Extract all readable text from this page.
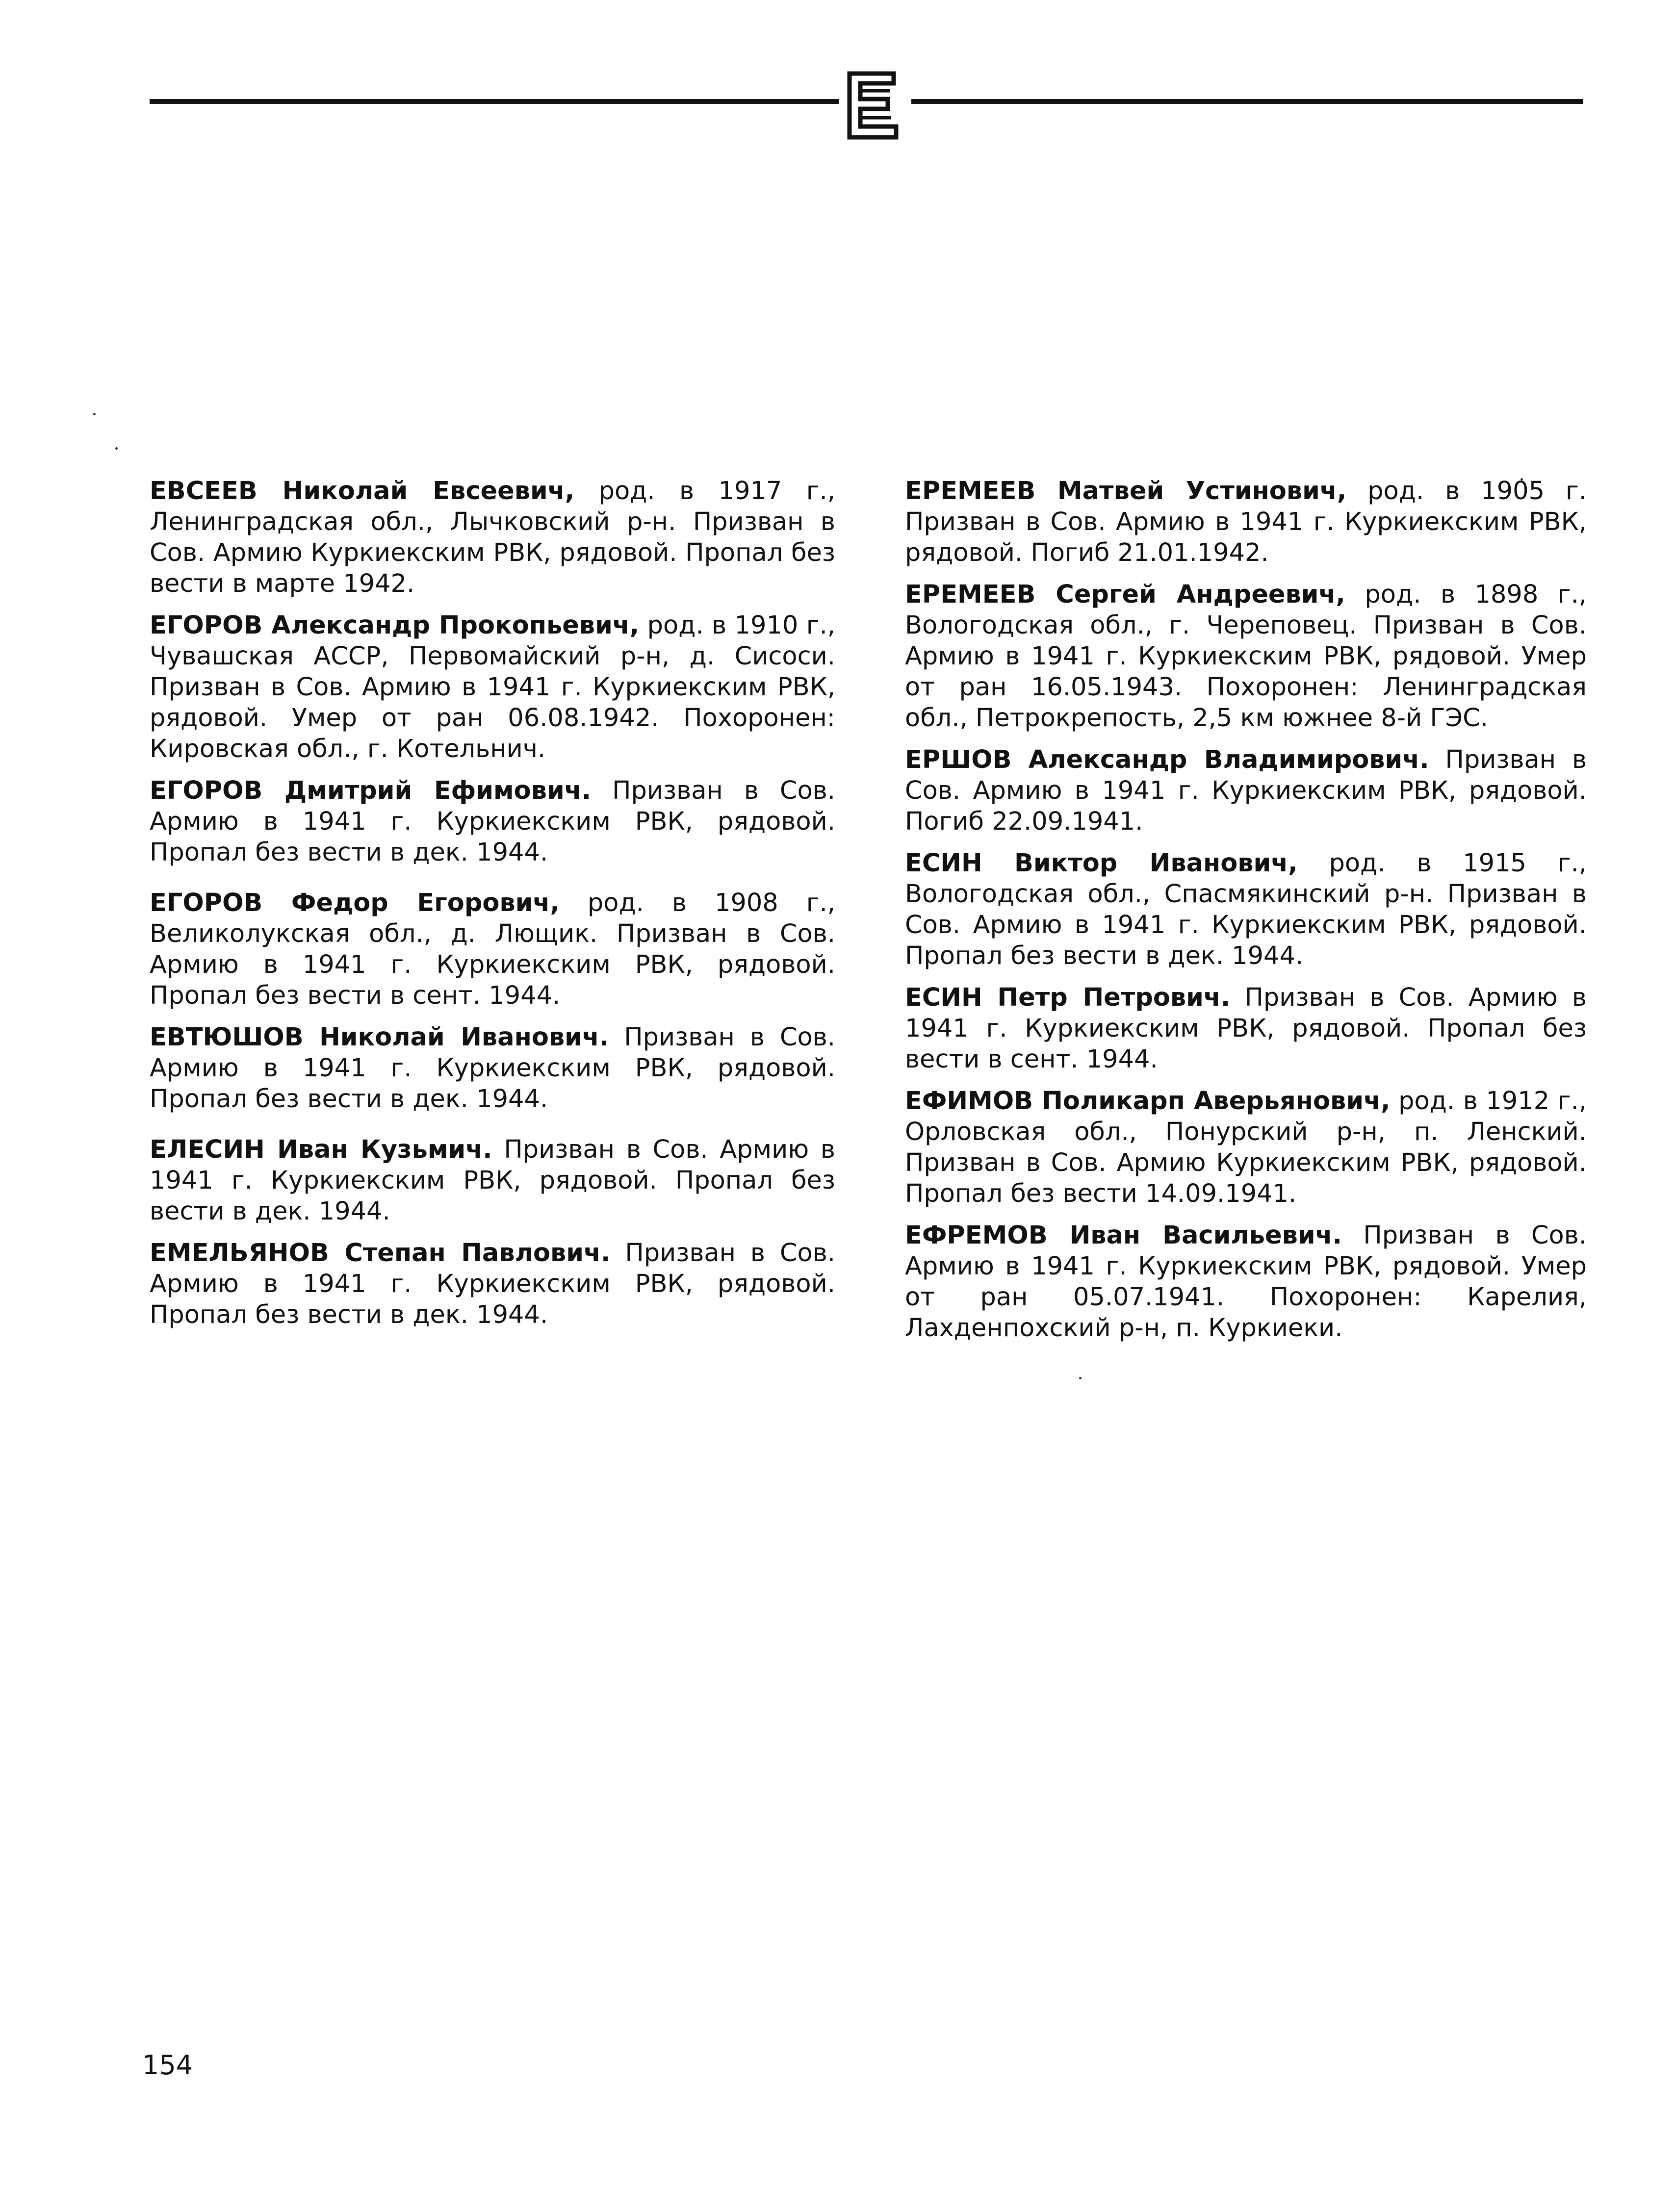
ЕВСЕЕВ Николай Евсеевич, род. в 1917 г., Ленинградская обл., Лычковский р-н. Призван в Сов. Армию Куркиекским РВК, рядовой. Пропал без вести в марте 1942.

ЕГОРОВ Александр Прокопьевич, род. в 1910 г., Чувашская АССР, Первомайский р-н, д. Сисоси. Призван в Сов. Армию в 1941 г. Куркиекским РВК, рядовой. Умер от ран 06.08.1942. Похоронен: Кировская обл., г. Котельнич.

ЕГОРОВ Дмитрий Ефимович. Призван в Сов. Армию в 1941 г. Куркиекским РВК, рядовой. Пропал без вести в дек. 1944.

ЕГОРОВ Федор Егорович, род. в 1908 г., Великолукская обл., д. Лющик. Призван в Сов. Армию в 1941 г. Куркиекским РВК, рядовой. Пропал без вести в сент. 1944.

ЕВТЮШОВ Николай Иванович. Призван в Сов. Армию в 1941 г. Куркиекским РВК, рядовой. Пропал без вести в дек. 1944.

ЕЛЕСИН Иван Кузьмич. Призван в Сов. Армию в 1941 г. Куркиекским РВК, рядовой. Пропал без вести в дек. 1944.

ЕМЕЛЬЯНОВ Степан Павлович. Призван в Сов. Армию в 1941 г. Куркиекским РВК, рядовой. Пропал без вести в дек. 1944.

ЕРЕМЕЕВ Матвей Устинович, род. в 1905 г. Призван в Сов. Армию в 1941 г. Куркиекским РВК, рядовой. Погиб 21.01.1942.

ЕРЕМЕЕВ Сергей Андреевич, род. в 1898 г., Вологодская обл., г. Череповец. Призван в Сов. Армию в 1941 г. Куркиекским РВК, рядовой. Умер от ран 16.05.1943. Похоронен: Ленинградская обл., Петрокрепость, 2,5 км южнее 8-й ГЭС.

ЕРШОВ Александр Владимирович. Призван в Сов. Армию в 1941 г. Куркиекским РВК, рядовой. Погиб 22.09.1941.

ЕСИН Виктор Иванович, род. в 1915 г., Вологодская обл., Спасмякинский р-н. Призван в Сов. Армию в 1941 г. Куркиекским РВК, рядовой. Пропал без вести в дек. 1944.

ЕСИН Петр Петрович. Призван в Сов. Армию в 1941 г. Куркиекским РВК, рядовой. Пропал без вести в сент. 1944.

ЕФИМОВ Поликарп Аверьянович, род. в 1912 г., Орловская обл., Понурский р-н, п. Ленский. Призван в Сов. Армию Куркиекским РВК, рядовой. Пропал без вести 14.09.1941.

ЕФРЕМОВ Иван Васильевич. Призван в Сов. Армию в 1941 г. Куркиекским РВК, рядовой. Умер от ран 05.07.1941. Похоронен: Карелия, Лахденпохский р-н, п. Куркиеки.

154
